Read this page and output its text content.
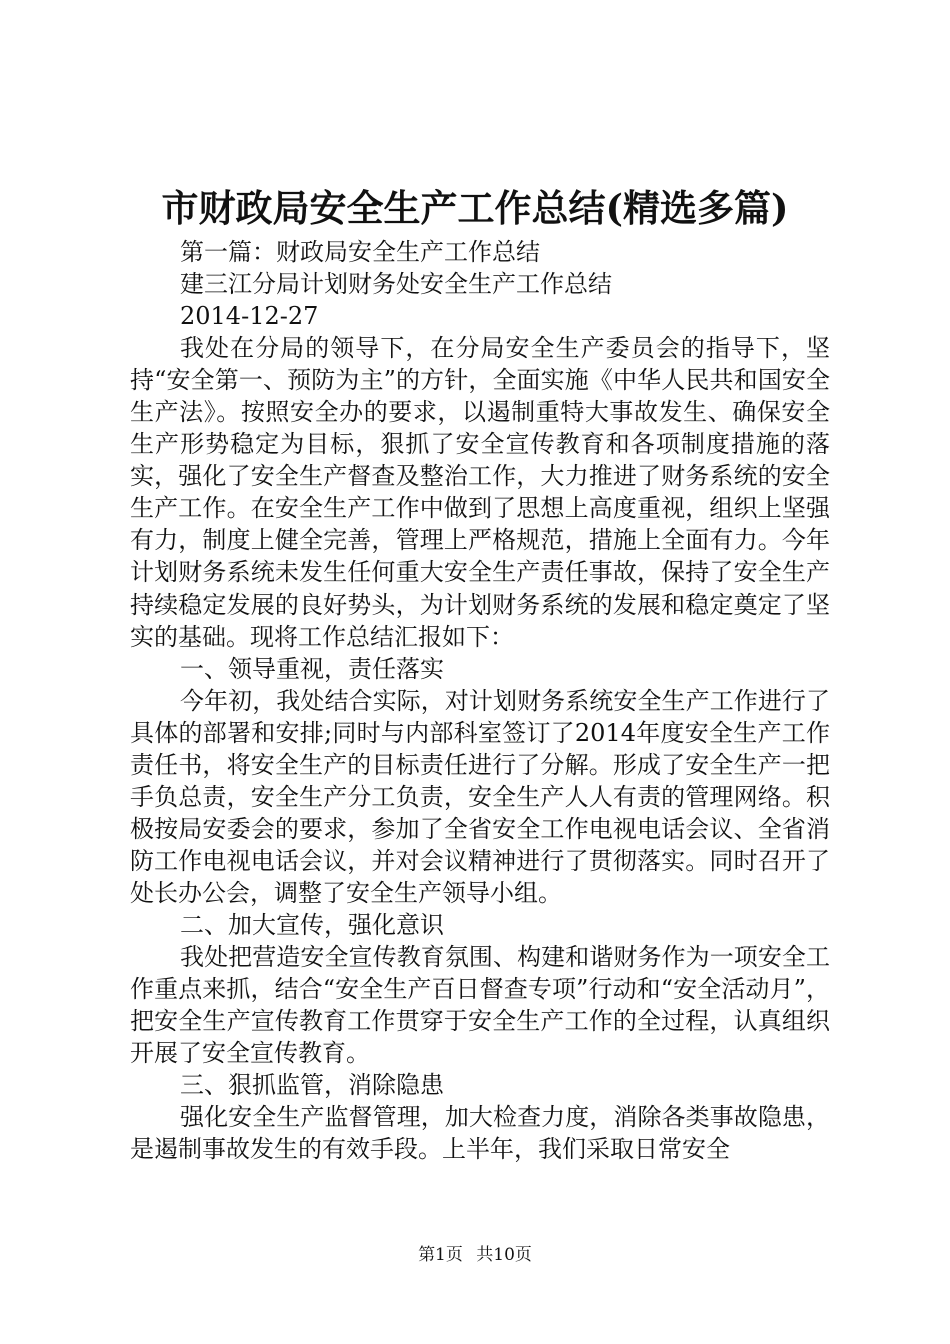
市财政局安全生产工作总结(精选多篇)
第一篇：财政局安全生产工作总结
建三江分局计划财务处安全生产工作总结
2014-12-27
我处在分局的领导下，在分局安全生产委员会的指导下，坚持“安全第一、预防为主”的方针，全面实施《中华人民共和国安全生产法》。按照安全办的要求，以遏制重特大事故发生、确保安全生产形势稳定为目标，狠抓了安全宣传教育和各项制度措施的落实，强化了安全生产督查及整治工作，大力推进了财务系统的安全生产工作。在安全生产工作中做到了思想上高度重视，组织上坚强有力，制度上健全完善，管理上严格规范，措施上全面有力。今年计划财务系统未发生任何重大安全生产责任事故，保持了安全生产持续稳定发展的良好势头，为计划财务系统的发展和稳定奠定了坚实的基础。现将工作总结汇报如下：
一、领导重视，责任落实
今年初，我处结合实际，对计划财务系统安全生产工作进行了具体的部署和安排;同时与内部科室签订了2014年度安全生产工作责任书，将安全生产的目标责任进行了分解。形成了安全生产一把手负总责，安全生产分工负责，安全生产人人有责的管理网络。积极按局安委会的要求，参加了全省安全工作电视电话会议、全省消防工作电视电话会议，并对会议精神进行了贯彻落实。同时召开了处长办公会，调整了安全生产领导小组。
二、加大宣传，强化意识
我处把营造安全宣传教育氛围、构建和谐财务作为一项安全工作重点来抓，结合“安全生产百日督查专项”行动和“安全活动月”，把安全生产宣传教育工作贯穿于安全生产工作的全过程，认真组织开展了安全宣传教育。
三、狠抓监管，消除隐患
强化安全生产监督管理，加大检查力度，消除各类事故隐患，是遏制事故发生的有效手段。上半年，我们采取日常安全
第1页 共10页
